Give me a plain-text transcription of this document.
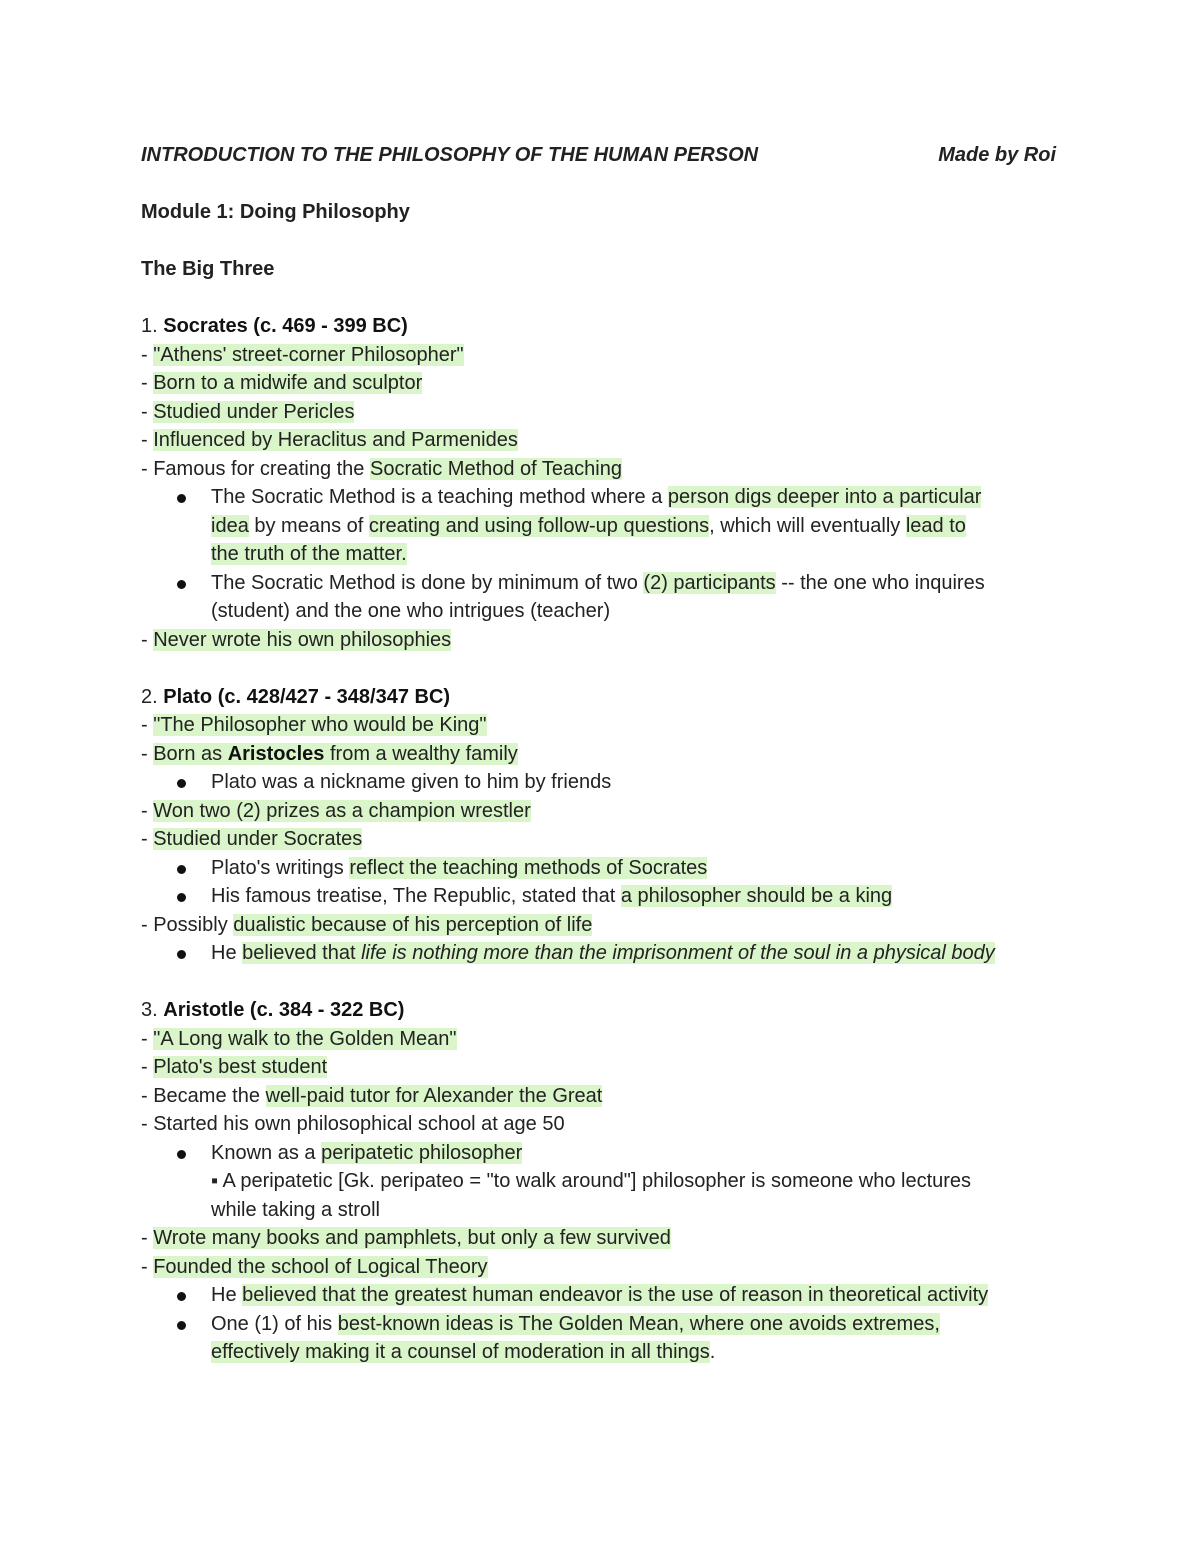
INTRODUCTION TO THE PHILOSOPHY OF THE HUMAN PERSON	Made by Roi
Module 1: Doing Philosophy
The Big Three
1. Socrates (c. 469 - 399 BC)
- "Athens' street-corner Philosopher"
- Born to a midwife and sculptor
- Studied under Pericles
- Influenced by Heraclitus and Parmenides
- Famous for creating the Socratic Method of Teaching
The Socratic Method is a teaching method where a person digs deeper into a particular
idea by means of creating and using follow-up questions, which will eventually lead to
the truth of the matter.
The Socratic Method is done by minimum of two (2) participants -- the one who inquires
(student) and the one who intrigues (teacher)
- Never wrote his own philosophies
2. Plato (c. 428/427 - 348/347 BC)
- "The Philosopher who would be King"
- Born as Aristocles from a wealthy family
Plato was a nickname given to him by friends
- Won two (2) prizes as a champion wrestler
- Studied under Socrates
Plato's writings reflect the teaching methods of Socrates
His famous treatise, The Republic, stated that a philosopher should be a king
- Possibly dualistic because of his perception of life
He believed that life is nothing more than the imprisonment of the soul in a physical body
3. Aristotle (c. 384 - 322 BC)
- "A Long walk to the Golden Mean"
- Plato's best student
- Became the well-paid tutor for Alexander the Great
- Started his own philosophical school at age 50
Known as a peripatetic philosopher
▪ A peripatetic [Gk. peripateo = "to walk around"] philosopher is someone who lectures
while taking a stroll
- Wrote many books and pamphlets, but only a few survived
- Founded the school of Logical Theory
He believed that the greatest human endeavor is the use of reason in theoretical activity
One (1) of his best-known ideas is The Golden Mean, where one avoids extremes,
effectively making it a counsel of moderation in all things.
